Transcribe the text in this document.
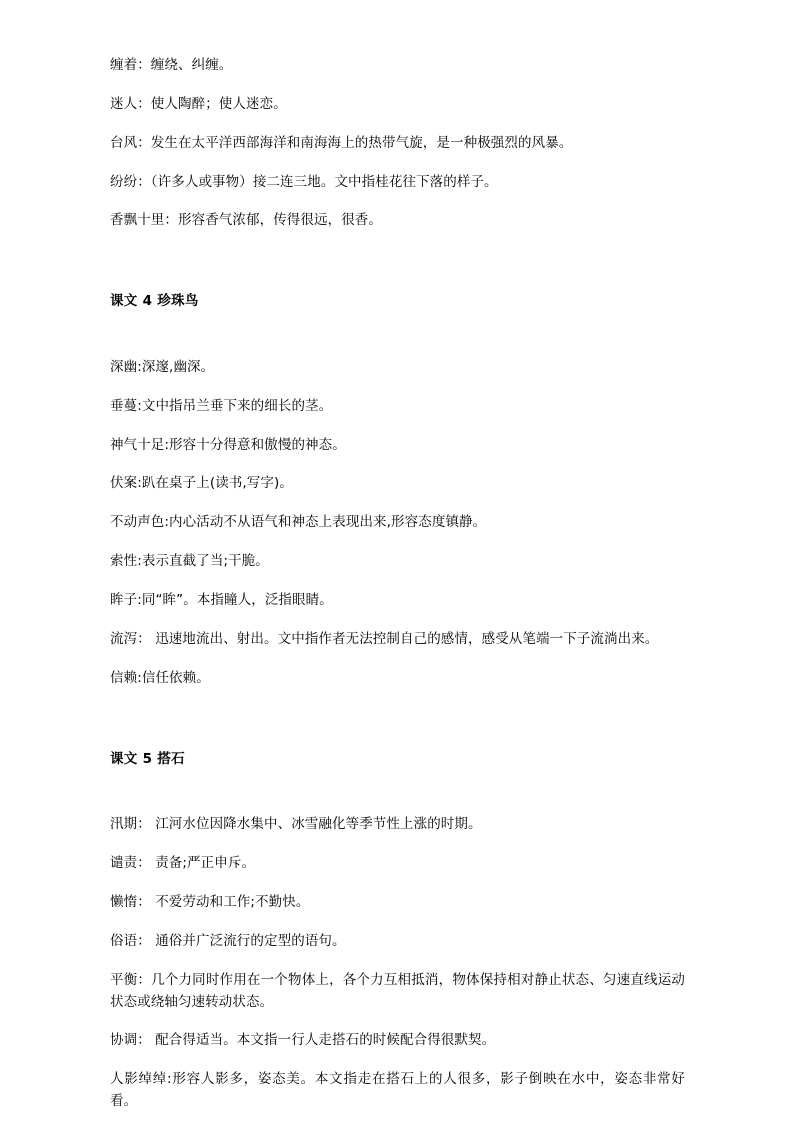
缠着：缠绕、纠缠。

迷人：使人陶醉；使人迷恋。

台风：发生在太平洋西部海洋和南海海上的热带气旋，是一种极强烈的风暴。

纷纷：（许多人或事物）接二连三地。文中指桂花往下落的样子。

香飘十里：形容香气浓郁，传得很远，很香。

课文 4 珍珠鸟

深幽:深邃,幽深。

垂蔓:文中指吊兰垂下来的细长的茎。

神气十足:形容十分得意和傲慢的神态。

伏案:趴在桌子上(读书,写字)。

不动声色:内心活动不从语气和神态上表现出来,形容态度镇静。

索性:表示直截了当;干脆。

眸子:同“眸”。本指瞳人，泛指眼睛。

流泻： 迅速地流出、射出。文中指作者无法控制自己的感情，感受从笔端一下子流淌出来。

信赖:信任依赖。

课文 5 搭石

汛期： 江河水位因降水集中、冰雪融化等季节性上涨的时期。

谴责： 责备;严正申斥。

懒惰： 不爱劳动和工作;不勤快。

俗语： 通俗并广泛流行的定型的语句。

平衡：几个力同时作用在一个物体上，各个力互相抵消，物体保持相对静止状态、匀速直线运动状态或绕轴匀速转动状态。

协调： 配合得适当。本文指一行人走搭石的时候配合得很默契。

人影绰绰:形容人影多，姿态美。本文指走在搭石上的人很多，影子倒映在水中，姿态非常好看。
